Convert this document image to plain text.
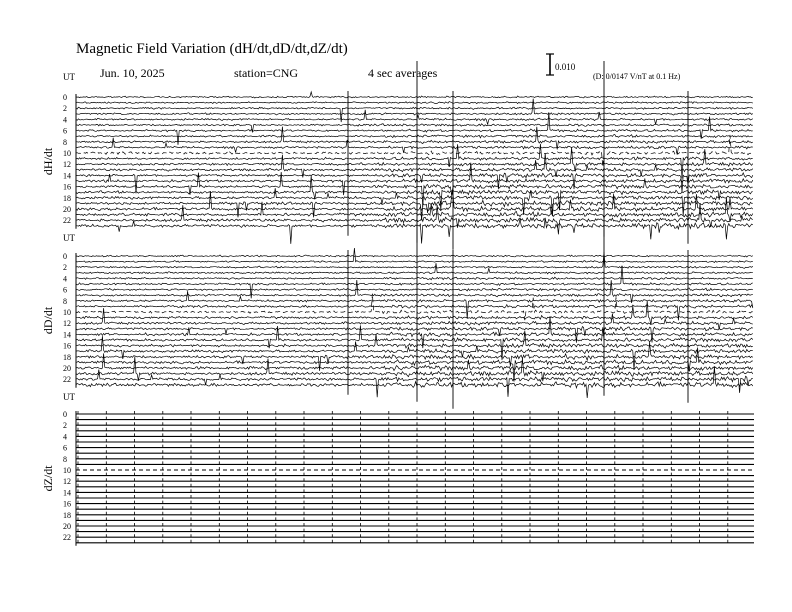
Magnetic Field Variation (dH/dt,dD/dt,dZ/dt)
Jun. 10, 2025	station=CNG	4 sec averages	0.010
(D: 0/0147 V/nT at 0.1 Hz)
UT
dH/dt
0
2
4
6
8
10
12
14
16
18
20
22
UT
dD/dt
0
2
4
6
8
10
12
14
16
18
20
22
UT
dZ/dt
0
2
4
6
8
10
12
14
16
18
20
22
